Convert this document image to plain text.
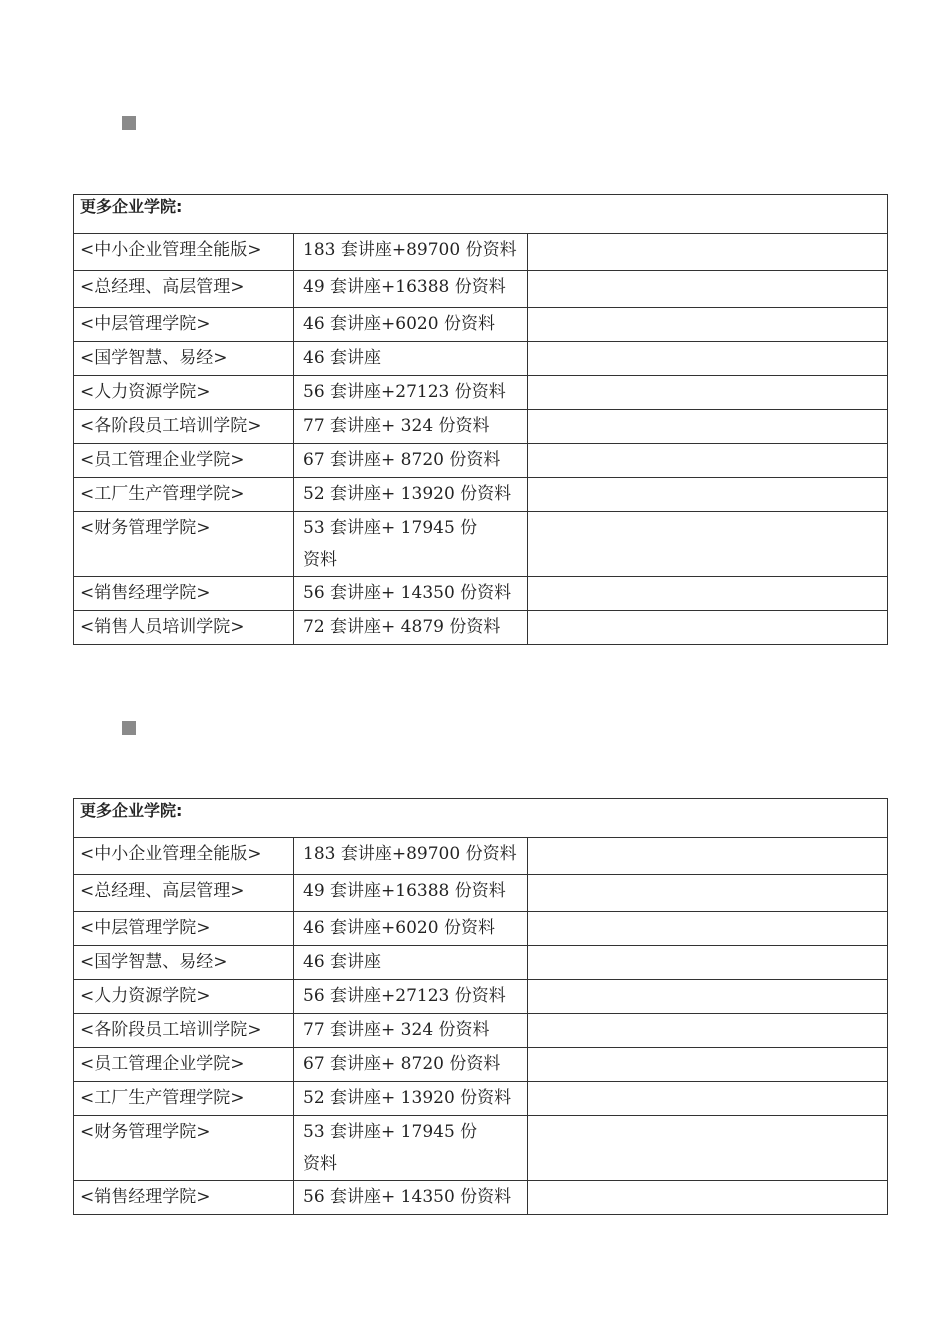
更多企业学院:		
<中小企业管理全能版>	183 套讲座+89700 份资料	
<总经理、高层管理>	49 套讲座+16388 份资料	
<中层管理学院>	46 套讲座+6020 份资料	
<国学智慧、易经>	46 套讲座	
<人力资源学院>	56 套讲座+27123 份资料	
<各阶段员工培训学院>	77 套讲座+ 324 份资料	
<员工管理企业学院>	67 套讲座+ 8720 份资料	
<工厂生产管理学院>	52 套讲座+ 13920 份资料	
<财务管理学院>	53 套讲座+ 17945 份资料	
<销售经理学院>	56 套讲座+ 14350 份资料	
<销售人员培训学院>	72 套讲座+ 4879 份资料	
更多企业学院:		
<中小企业管理全能版>	183 套讲座+89700 份资料	
<总经理、高层管理>	49 套讲座+16388 份资料	
<中层管理学院>	46 套讲座+6020 份资料	
<国学智慧、易经>	46 套讲座	
<人力资源学院>	56 套讲座+27123 份资料	
<各阶段员工培训学院>	77 套讲座+ 324 份资料	
<员工管理企业学院>	67 套讲座+ 8720 份资料	
<工厂生产管理学院>	52 套讲座+ 13920 份资料	
<财务管理学院>	53 套讲座+ 17945 份资料	
<销售经理学院>	56 套讲座+ 14350 份资料	
